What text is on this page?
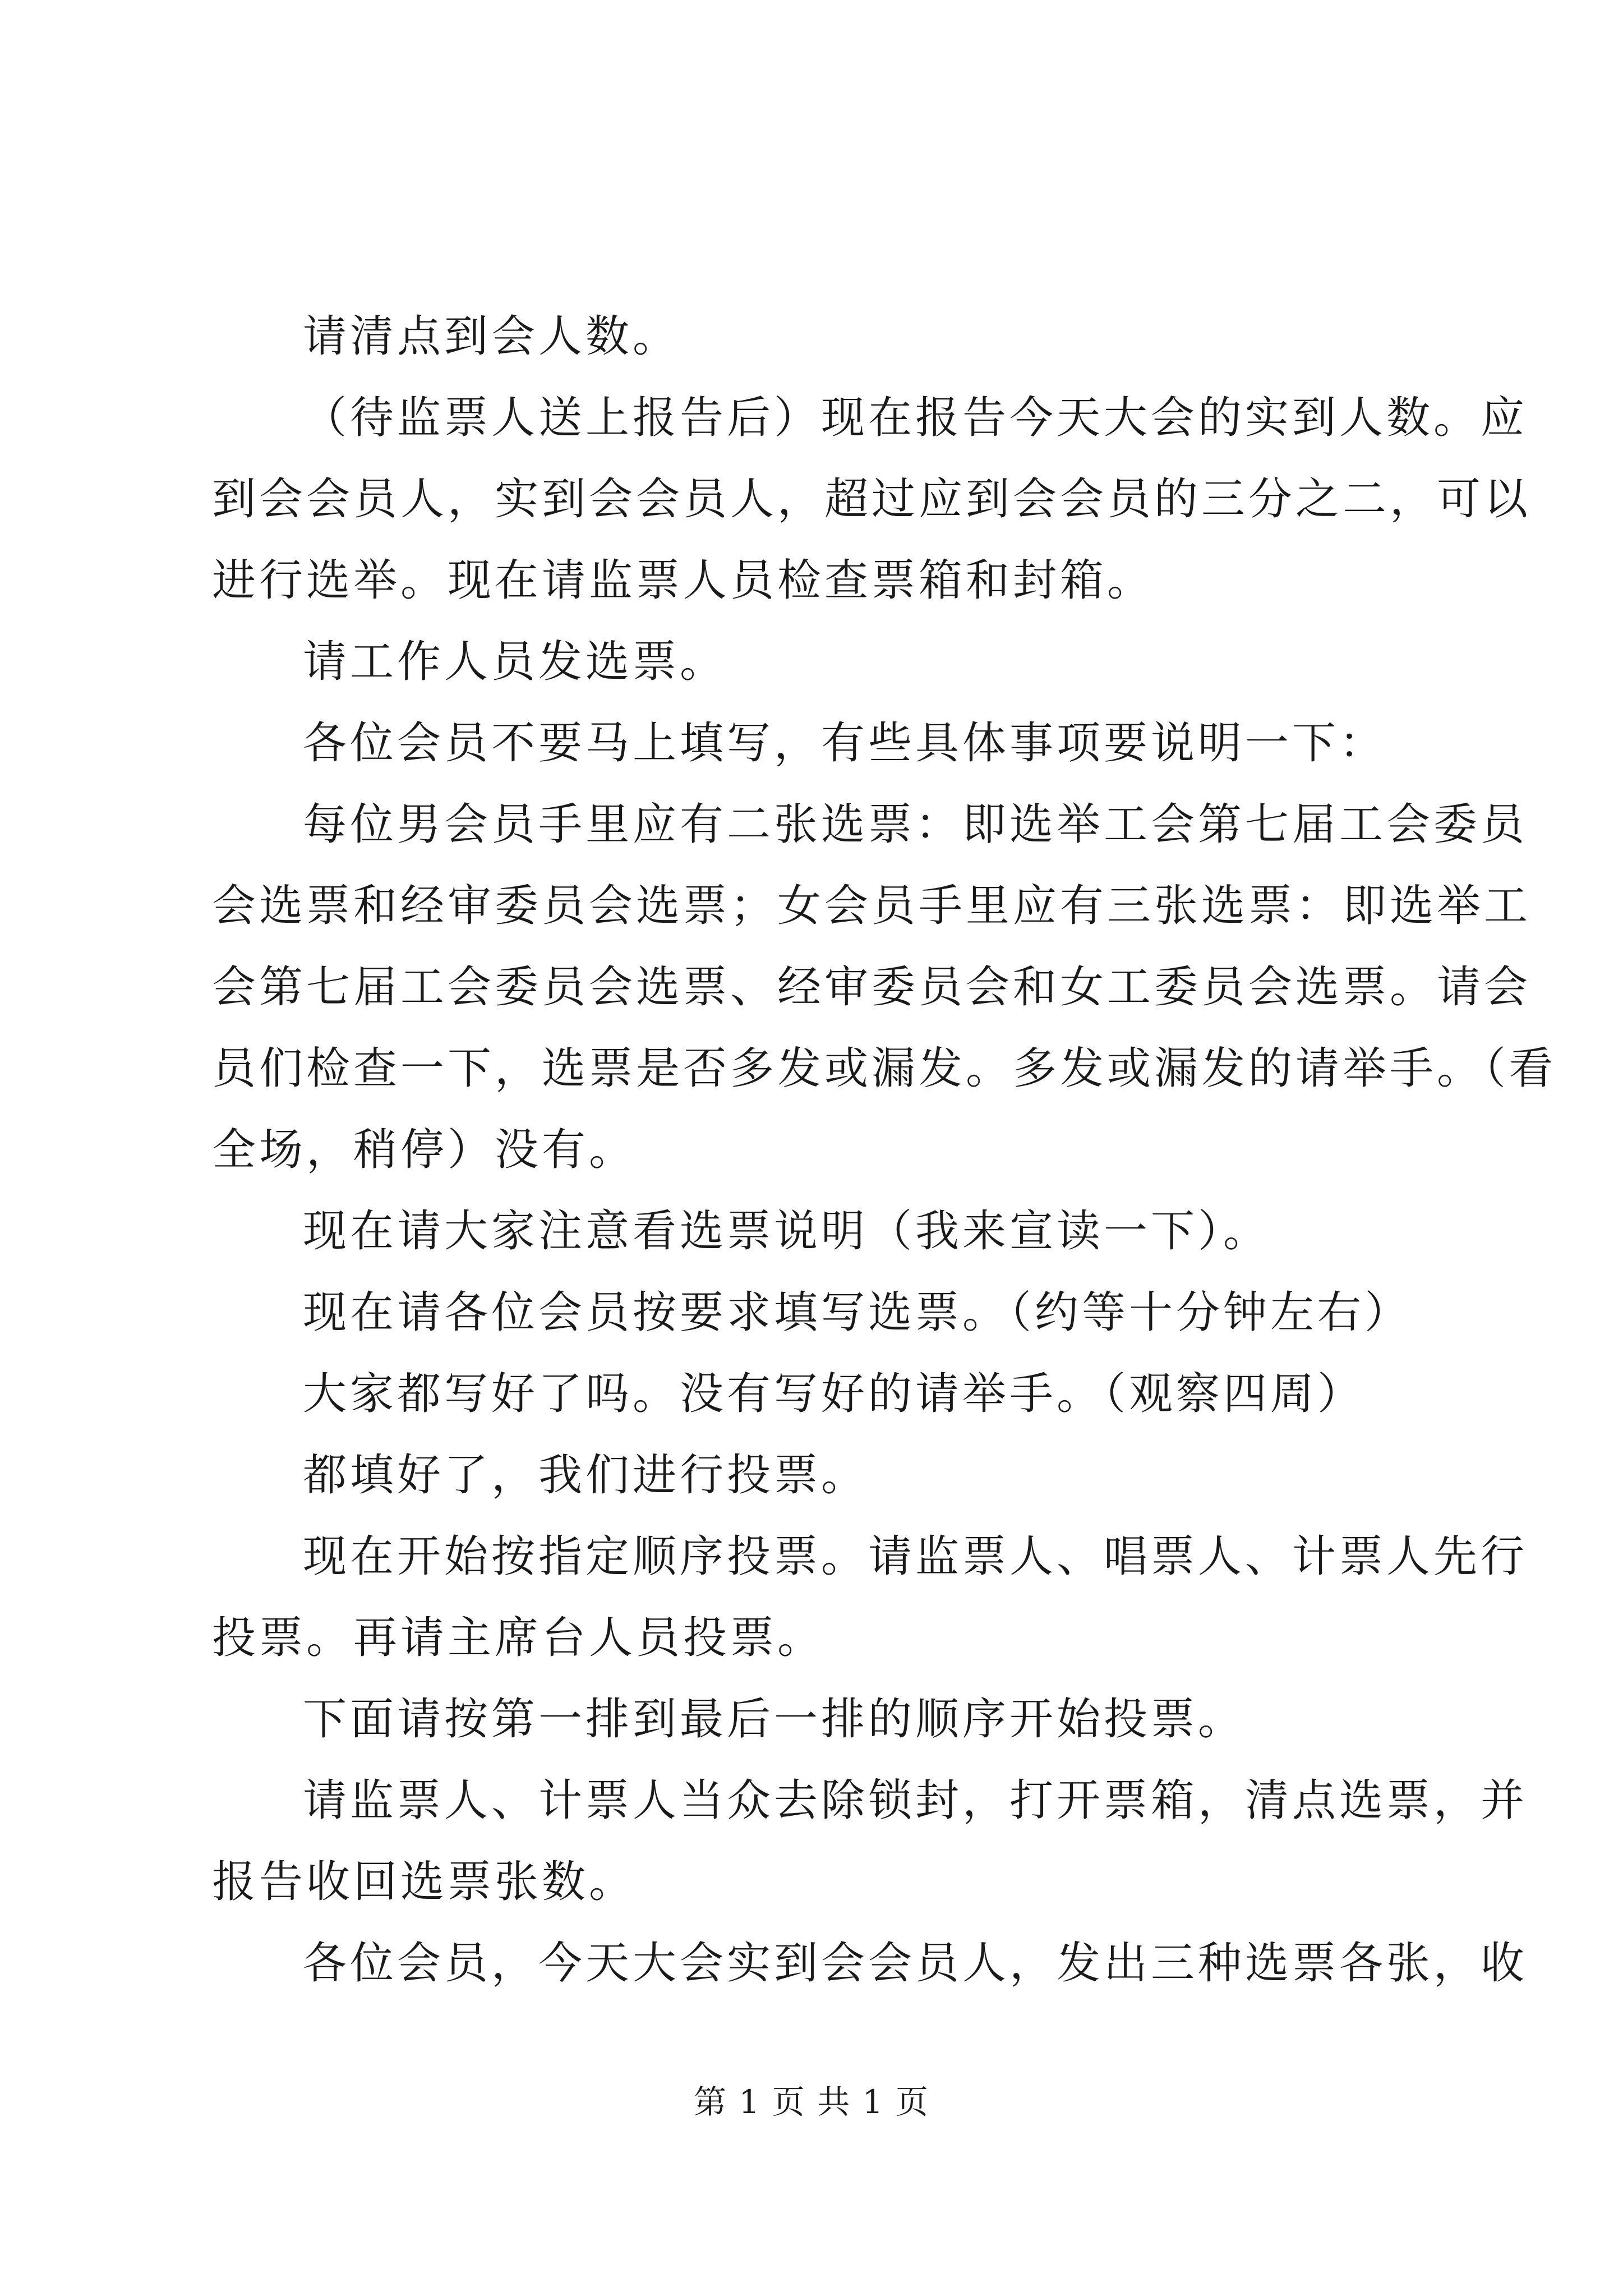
请清点到会人数。
（待监票人送上报告后）现在报告今天大会的实到人数。应
到会会员人，实到会会员人，超过应到会会员的三分之二，可以
进行选举。现在请监票人员检查票箱和封箱。
请工作人员发选票。
各位会员不要马上填写，有些具体事项要说明一下：
每位男会员手里应有二张选票：即选举工会第七届工会委员
会选票和经审委员会选票；女会员手里应有三张选票：即选举工
会第七届工会委员会选票、经审委员会和女工委员会选票。请会
员们检查一下，选票是否多发或漏发。多发或漏发的请举手。（看
全场，稍停）没有。
现在请大家注意看选票说明（我来宣读一下）。
现在请各位会员按要求填写选票。（约等十分钟左右）
大家都写好了吗。没有写好的请举手。（观察四周）
都填好了，我们进行投票。
现在开始按指定顺序投票。请监票人、唱票人、计票人先行
投票。再请主席台人员投票。
下面请按第一排到最后一排的顺序开始投票。
请监票人、计票人当众去除锁封，打开票箱，清点选票，并
报告收回选票张数。
各位会员，今天大会实到会会员人，发出三种选票各张，收
第 1 页 共 1 页
